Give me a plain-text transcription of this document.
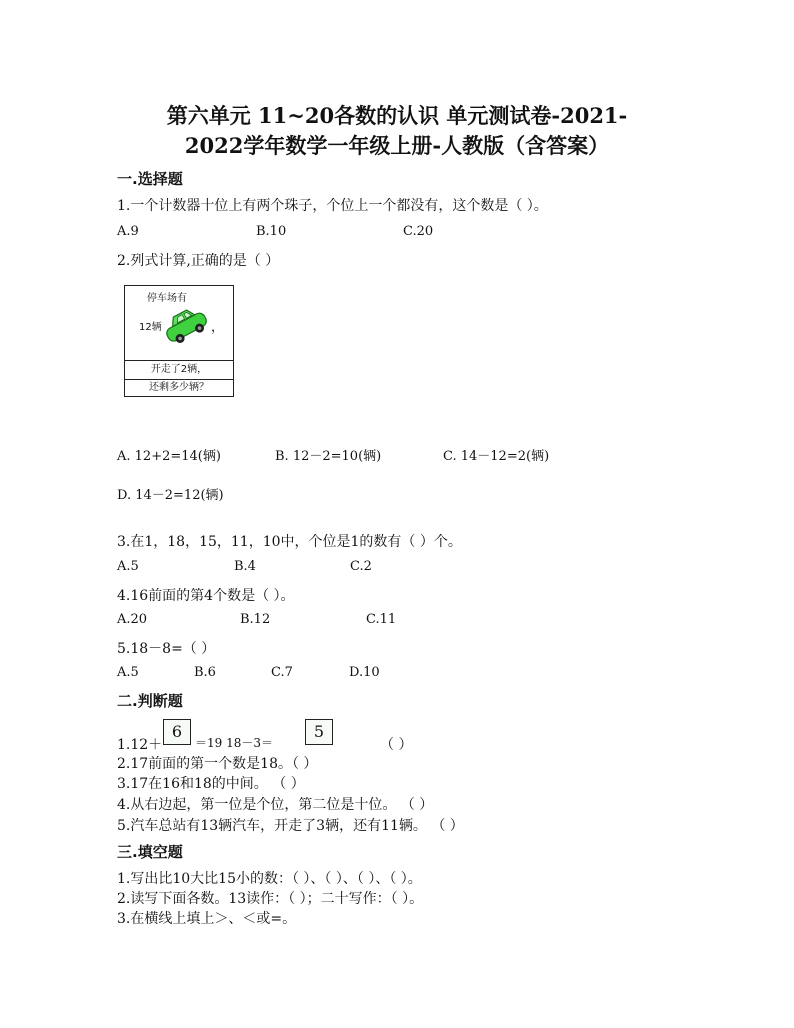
第六单元 11~20各数的认识 单元测试卷-2021-
2022学年数学一年级上册-人教版（含答案）
一.选择题
1.一个计数器十位上有两个珠子，个位上一个都没有，这个数是（ ）。
A.9	B.10	C.20
2.列式计算,正确的是（ ）
停车场有
12辆	，
开走了2辆，
还剩多少辆？
A. 12+2=14(辆)	B. 12－2=10(辆)	C. 14－12=2(辆)
D. 14－2=12(辆)
3.在1，18，15，11，10中，个位是1的数有（ ）个。
A.5	B.4	C.2
4.16前面的第4个数是（ ）。
A.20	B.12	C.11
5.18－8=（ ）
A.5	B.6	C.7	D.10
二.判断题
1.12＋
6
＝19 18－3＝
5
（ ）
2.17前面的第一个数是18。（ ）
3.17在16和18的中间。 （ ）
4.从右边起，第一位是个位，第二位是十位。 （ ）
5.汽车总站有13辆汽车，开走了3辆，还有11辆。 （ ）
三.填空题
1.写出比10大比15小的数：（ ）、（ ）、（ ）、（ ）。
2.读写下面各数。13读作：（ ）；二十写作：（ ）。
3.在横线上填上＞、＜或=。
